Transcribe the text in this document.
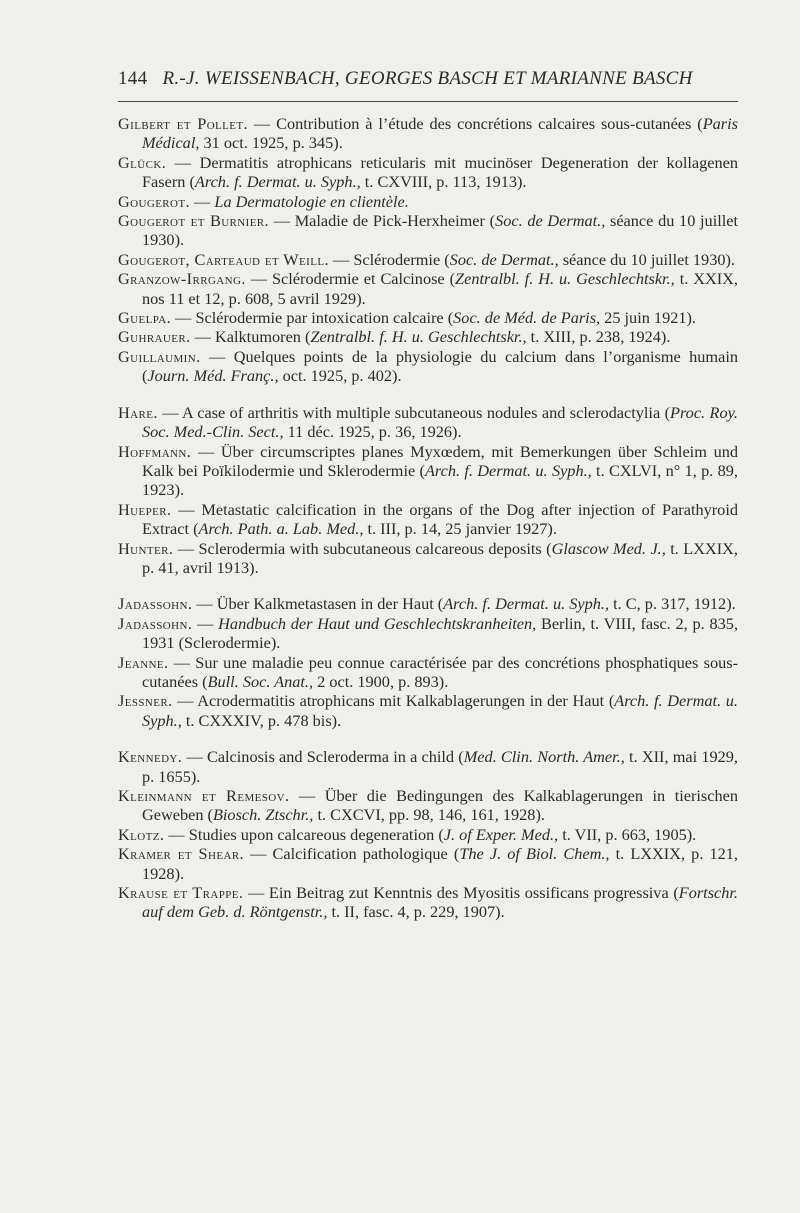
144 R.-J. WEISSENBACH, GEORGES BASCH ET MARIANNE BASCH
Gilbert et Pollet. — Contribution à l’étude des concrétions calcaires sous-cutanées (Paris Médical, 31 oct. 1925, p. 345).
Glück. — Dermatitis atrophicans reticularis mit mucinöser Degeneration der kollagenen Fasern (Arch. f. Dermat. u. Syph., t. CXVIII, p. 113, 1913).
Gougerot. — La Dermatologie en clientèle.
Gougerot et Burnier. — Maladie de Pick-Herxheimer (Soc. de Dermat., séance du 10 juillet 1930).
Gougerot, Carteaud et Weill. — Sclérodermie (Soc. de Dermat., séance du 10 juillet 1930).
Granzow-Irrgang. — Sclérodermie et Calcinose (Zentralbl. f. H. u. Geschlechtskr., t. XXIX, nos 11 et 12, p. 608, 5 avril 1929).
Guelpa. — Sclérodermie par intoxication calcaire (Soc. de Méd. de Paris, 25 juin 1921).
Guhrauer. — Kalktumoren (Zentralbl. f. H. u. Geschlechtskr., t. XIII, p. 238, 1924).
Guillaumin. — Quelques points de la physiologie du calcium dans l’organisme humain (Journ. Méd. Franç., oct. 1925, p. 402).
Hare. — A case of arthritis with multiple subcutaneous nodules and sclerodactylia (Proc. Roy. Soc. Med.-Clin. Sect., 11 déc. 1925, p. 36, 1926).
Hoffmann. — Über circumscriptes planes Myxœdem, mit Bemerkungen über Schleim und Kalk bei Poïkilodermie und Sklerodermie (Arch. f. Dermat. u. Syph., t. CXLVI, n° 1, p. 89, 1923).
Hueper. — Metastatic calcification in the organs of the Dog after injection of Parathyroid Extract (Arch. Path. a. Lab. Med., t. III, p. 14, 25 janvier 1927).
Hunter. — Sclerodermia with subcutaneous calcareous deposits (Glascow Med. J., t. LXXIX, p. 41, avril 1913).
Jadassohn. — Über Kalkmetastasen in der Haut (Arch. f. Dermat. u. Syph., t. C, p. 317, 1912).
Jadassohn. — Handbuch der Haut und Geschlechtskranheiten, Berlin, t. VIII, fasc. 2, p. 835, 1931 (Sclerodermie).
Jeanne. — Sur une maladie peu connue caractérisée par des concrétions phosphatiques sous-cutanées (Bull. Soc. Anat., 2 oct. 1900, p. 893).
Jessner. — Acrodermatitis atrophicans mit Kalkablagerungen in der Haut (Arch. f. Dermat. u. Syph., t. CXXXIV, p. 478 bis).
Kennedy. — Calcinosis and Scleroderma in a child (Med. Clin. North. Amer., t. XII, mai 1929, p. 1655).
Kleinmann et Remesov. — Über die Bedingungen des Kalkablagerungen in tierischen Geweben (Biosch. Ztschr., t. CXCVI, pp. 98, 146, 161, 1928).
Klotz. — Studies upon calcareous degeneration (J. of Exper. Med., t. VII, p. 663, 1905).
Kramer et Shear. — Calcification pathologique (The J. of Biol. Chem., t. LXXIX, p. 121, 1928).
Krause et Trappe. — Ein Beitrag zut Kenntnis des Myositis ossificans progressiva (Fortschr. auf dem Geb. d. Röntgenstr., t. II, fasc. 4, p. 229, 1907).
